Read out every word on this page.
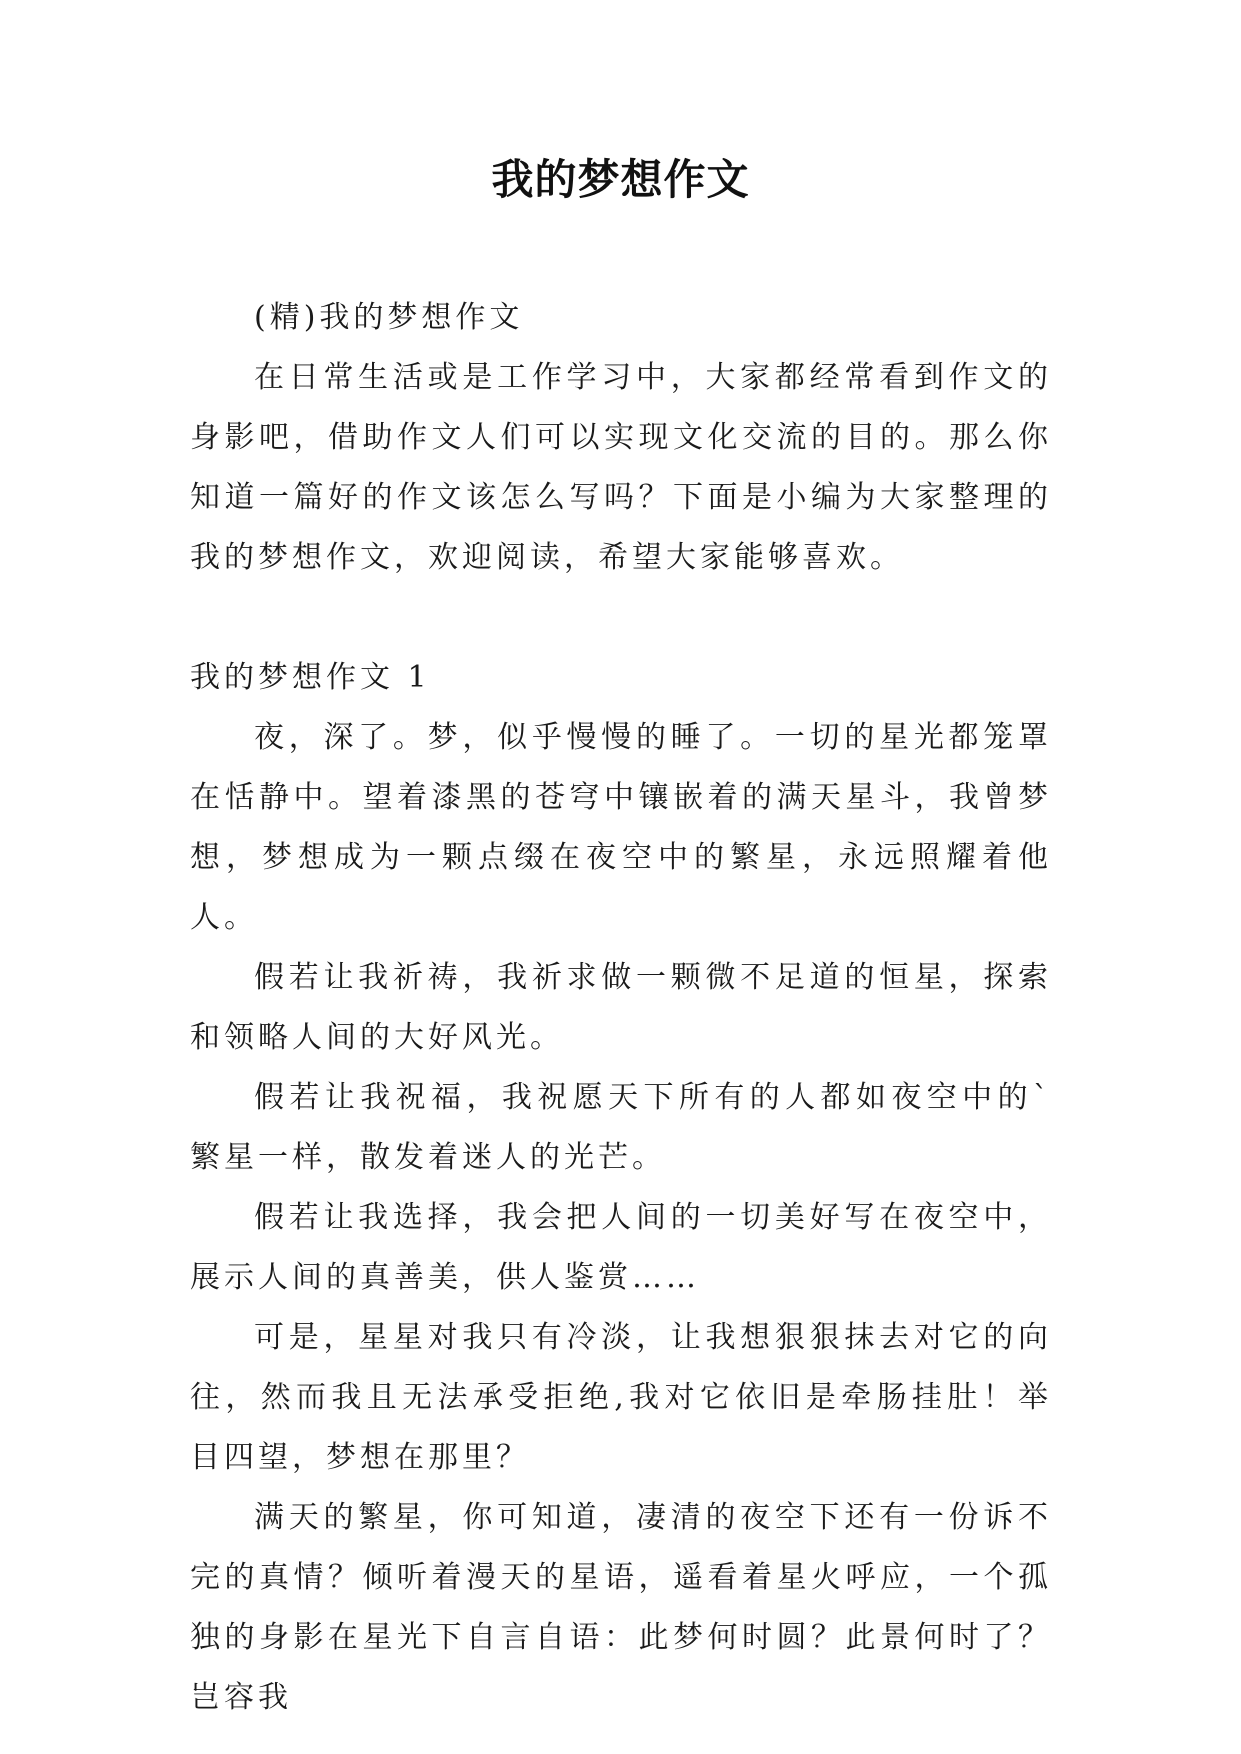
我的梦想作文

(精)我的梦想作文

在日常生活或是工作学习中，大家都经常看到作文的身影吧，借助作文人们可以实现文化交流的目的。那么你知道一篇好的作文该怎么写吗？下面是小编为大家整理的我的梦想作文，欢迎阅读，希望大家能够喜欢。

我的梦想作文 1

夜，深了。梦，似乎慢慢的睡了。一切的星光都笼罩在恬静中。望着漆黑的苍穹中镶嵌着的满天星斗，我曾梦想，梦想成为一颗点缀在夜空中的繁星，永远照耀着他人。

假若让我祈祷，我祈求做一颗微不足道的恒星，探索和领略人间的大好风光。

假若让我祝福，我祝愿天下所有的人都如夜空中的`繁星一样，散发着迷人的光芒。

假若让我选择，我会把人间的一切美好写在夜空中，展示人间的真善美，供人鉴赏……

可是，星星对我只有冷淡，让我想狠狠抹去对它的向往，然而我且无法承受拒绝,我对它依旧是牵肠挂肚！举目四望，梦想在那里？

满天的繁星，你可知道，凄清的夜空下还有一份诉不完的真情？倾听着漫天的星语，遥看着星火呼应，一个孤独的身影在星光下自言自语：此梦何时圆？此景何时了？岂容我
